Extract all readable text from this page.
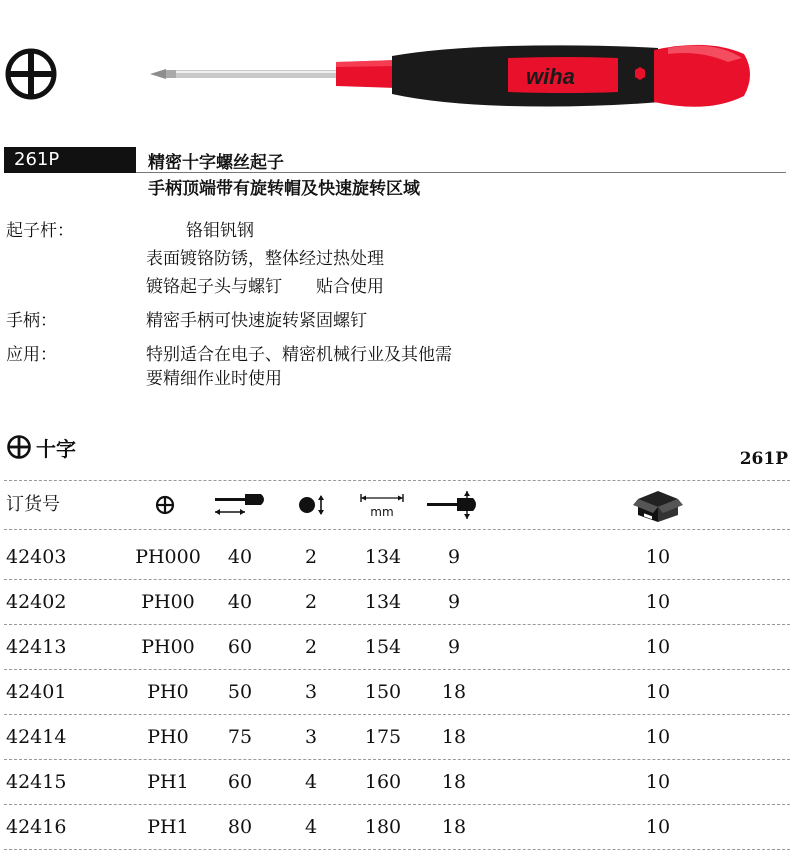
wiha
261P	精密十字螺丝起子
手柄顶端带有旋转帽及快速旋转区域
起子杆：	铬钼钒钢
表面镀铬防锈，整体经过热处理
镀铬起子头与螺钉　　贴合使用
手柄：	精密手柄可快速旋转紧固螺钉
应用：	特别适合在电子、精密机械行业及其他需
要精细作业时使用
十字	261P
订货号	mm
42403	PH000	40	2	134	9	10
42402	PH00	40	2	134	9	10
42413	PH00	60	2	154	9	10
42401	PH0	50	3	150	18	10
42414	PH0	75	3	175	18	10
42415	PH1	60	4	160	18	10
42416	PH1	80	4	180	18	10
